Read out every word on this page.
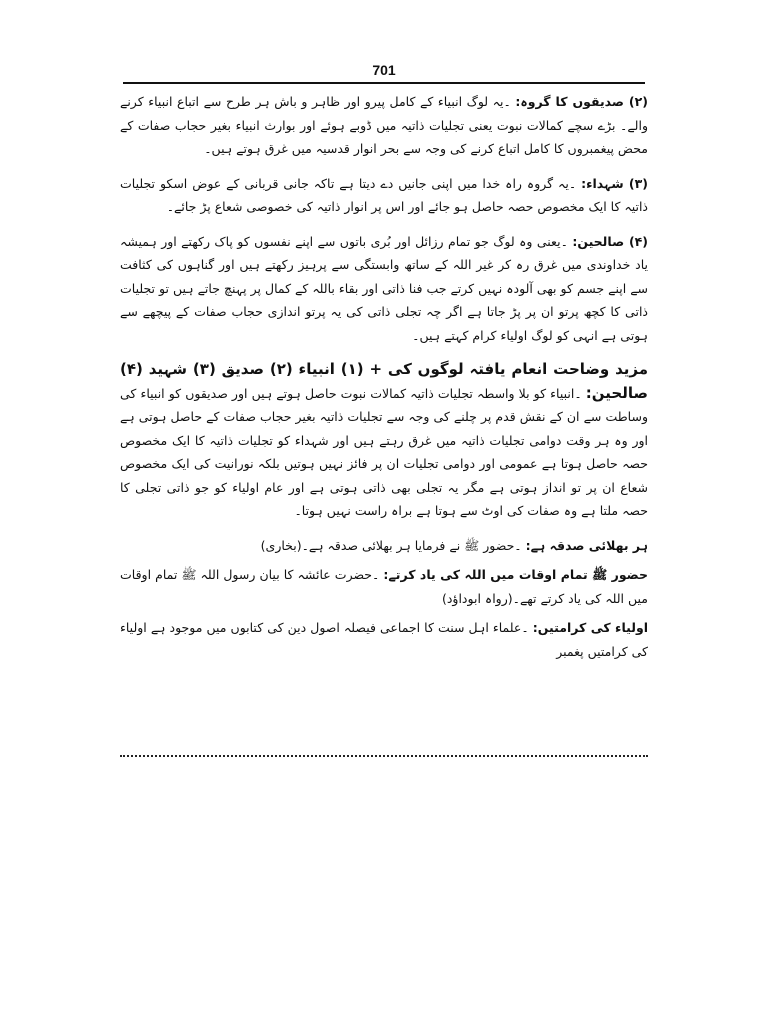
701

(۲) صدیقوں کا گروہ: ۔یہ لوگ انبیاء کے کامل پیرو اور ظاہر و باش ہر طرح سے اتباع انبیاء کرنے والے۔ بڑے سچے کمالات نبوت یعنی تجلیات ذاتیہ میں ڈوبے ہوئے اور بوارث انبیاء بغیر حجاب صفات کے محض پیغمبروں کا کامل اتباع کرنے کی وجہ سے بحر انوار قدسیہ میں غرق ہوتے ہیں۔

(۳) شہداء: ۔یہ گروہ راہ خدا میں اپنی جانیں دے دیتا ہے تاکہ جانی قربانی کے عوض اسکو تجلیات ذاتیہ کا ایک مخصوص حصہ حاصل ہو جائے اور اس پر انوار ذاتیہ کی خصوصی شعاع پڑ جائے۔

(۴) صالحین: ۔یعنی وہ لوگ جو تمام رزائل اور بُری باتوں سے اپنے نفسوں کو پاک رکھتے اور ہمیشہ یاد خداوندی میں غرق رہ کر غیر اللہ کے ساتھ وابستگی سے پرہیز رکھتے ہیں اور گناہوں کی کثافت سے اپنے جسم کو بھی آلودہ نہیں کرتے جب فنا ذاتی اور بقاء باللہ کے کمال پر پہنچ جاتے ہیں تو تجلیات ذاتی کا کچھ پرتو ان پر پڑ جاتا ہے اگر چہ تجلی ذاتی کی یہ پرتو اندازی حجاب صفات کے پیچھے سے ہوتی ہے انہی کو لوگ اولیاء کرام کہتے ہیں۔

مزید وضاحت انعام یافتہ لوگوں کی + (۱) انبیاء (۲) صدیق (۳) شہید (۴) صالحین: ۔انبیاء کو بلا واسطہ تجلیات ذاتیہ کمالات نبوت حاصل ہوتے ہیں اور صدیقوں کو انبیاء کی وساطت سے ان کے نقش قدم پر چلنے کی وجہ سے تجلیات ذاتیہ بغیر حجاب صفات کے حاصل ہوتی ہے اور وہ ہر وقت دوامی تجلیات ذاتیہ میں غرق رہتے ہیں اور شہداء کو تجلیات ذاتیہ کا ایک مخصوص حصہ حاصل ہوتا ہے عمومی اور دوامی تجلیات ان پر فائز نہیں ہوتیں بلکہ نورانیت کی ایک مخصوص شعاع ان پر تو انداز ہوتی ہے مگر یہ تجلی بھی ذاتی ہوتی ہے اور عام اولیاء کو جو ذاتی تجلی کا حصہ ملتا ہے وہ صفات کی اوٹ سے ہوتا ہے براہ راست نہیں ہوتا۔

ہر بھلائی صدقہ ہے: ۔حضور ﷺ نے فرمایا ہر بھلائی صدقہ ہے۔(بخاری)

حضور ﷺ تمام اوقات میں اللہ کی یاد کرتے: ۔حضرت عائشہ کا بیان رسول اللہ ﷺ تمام اوقات میں اللہ کی یاد کرتے تھے۔(رواہ ابوداؤد)

اولیاء کی کرامتیں: ۔علماء اہل سنت کا اجماعی فیصلہ اصول دین کی کتابوں میں موجود ہے اولیاء کی کرامتیں پغمبر
